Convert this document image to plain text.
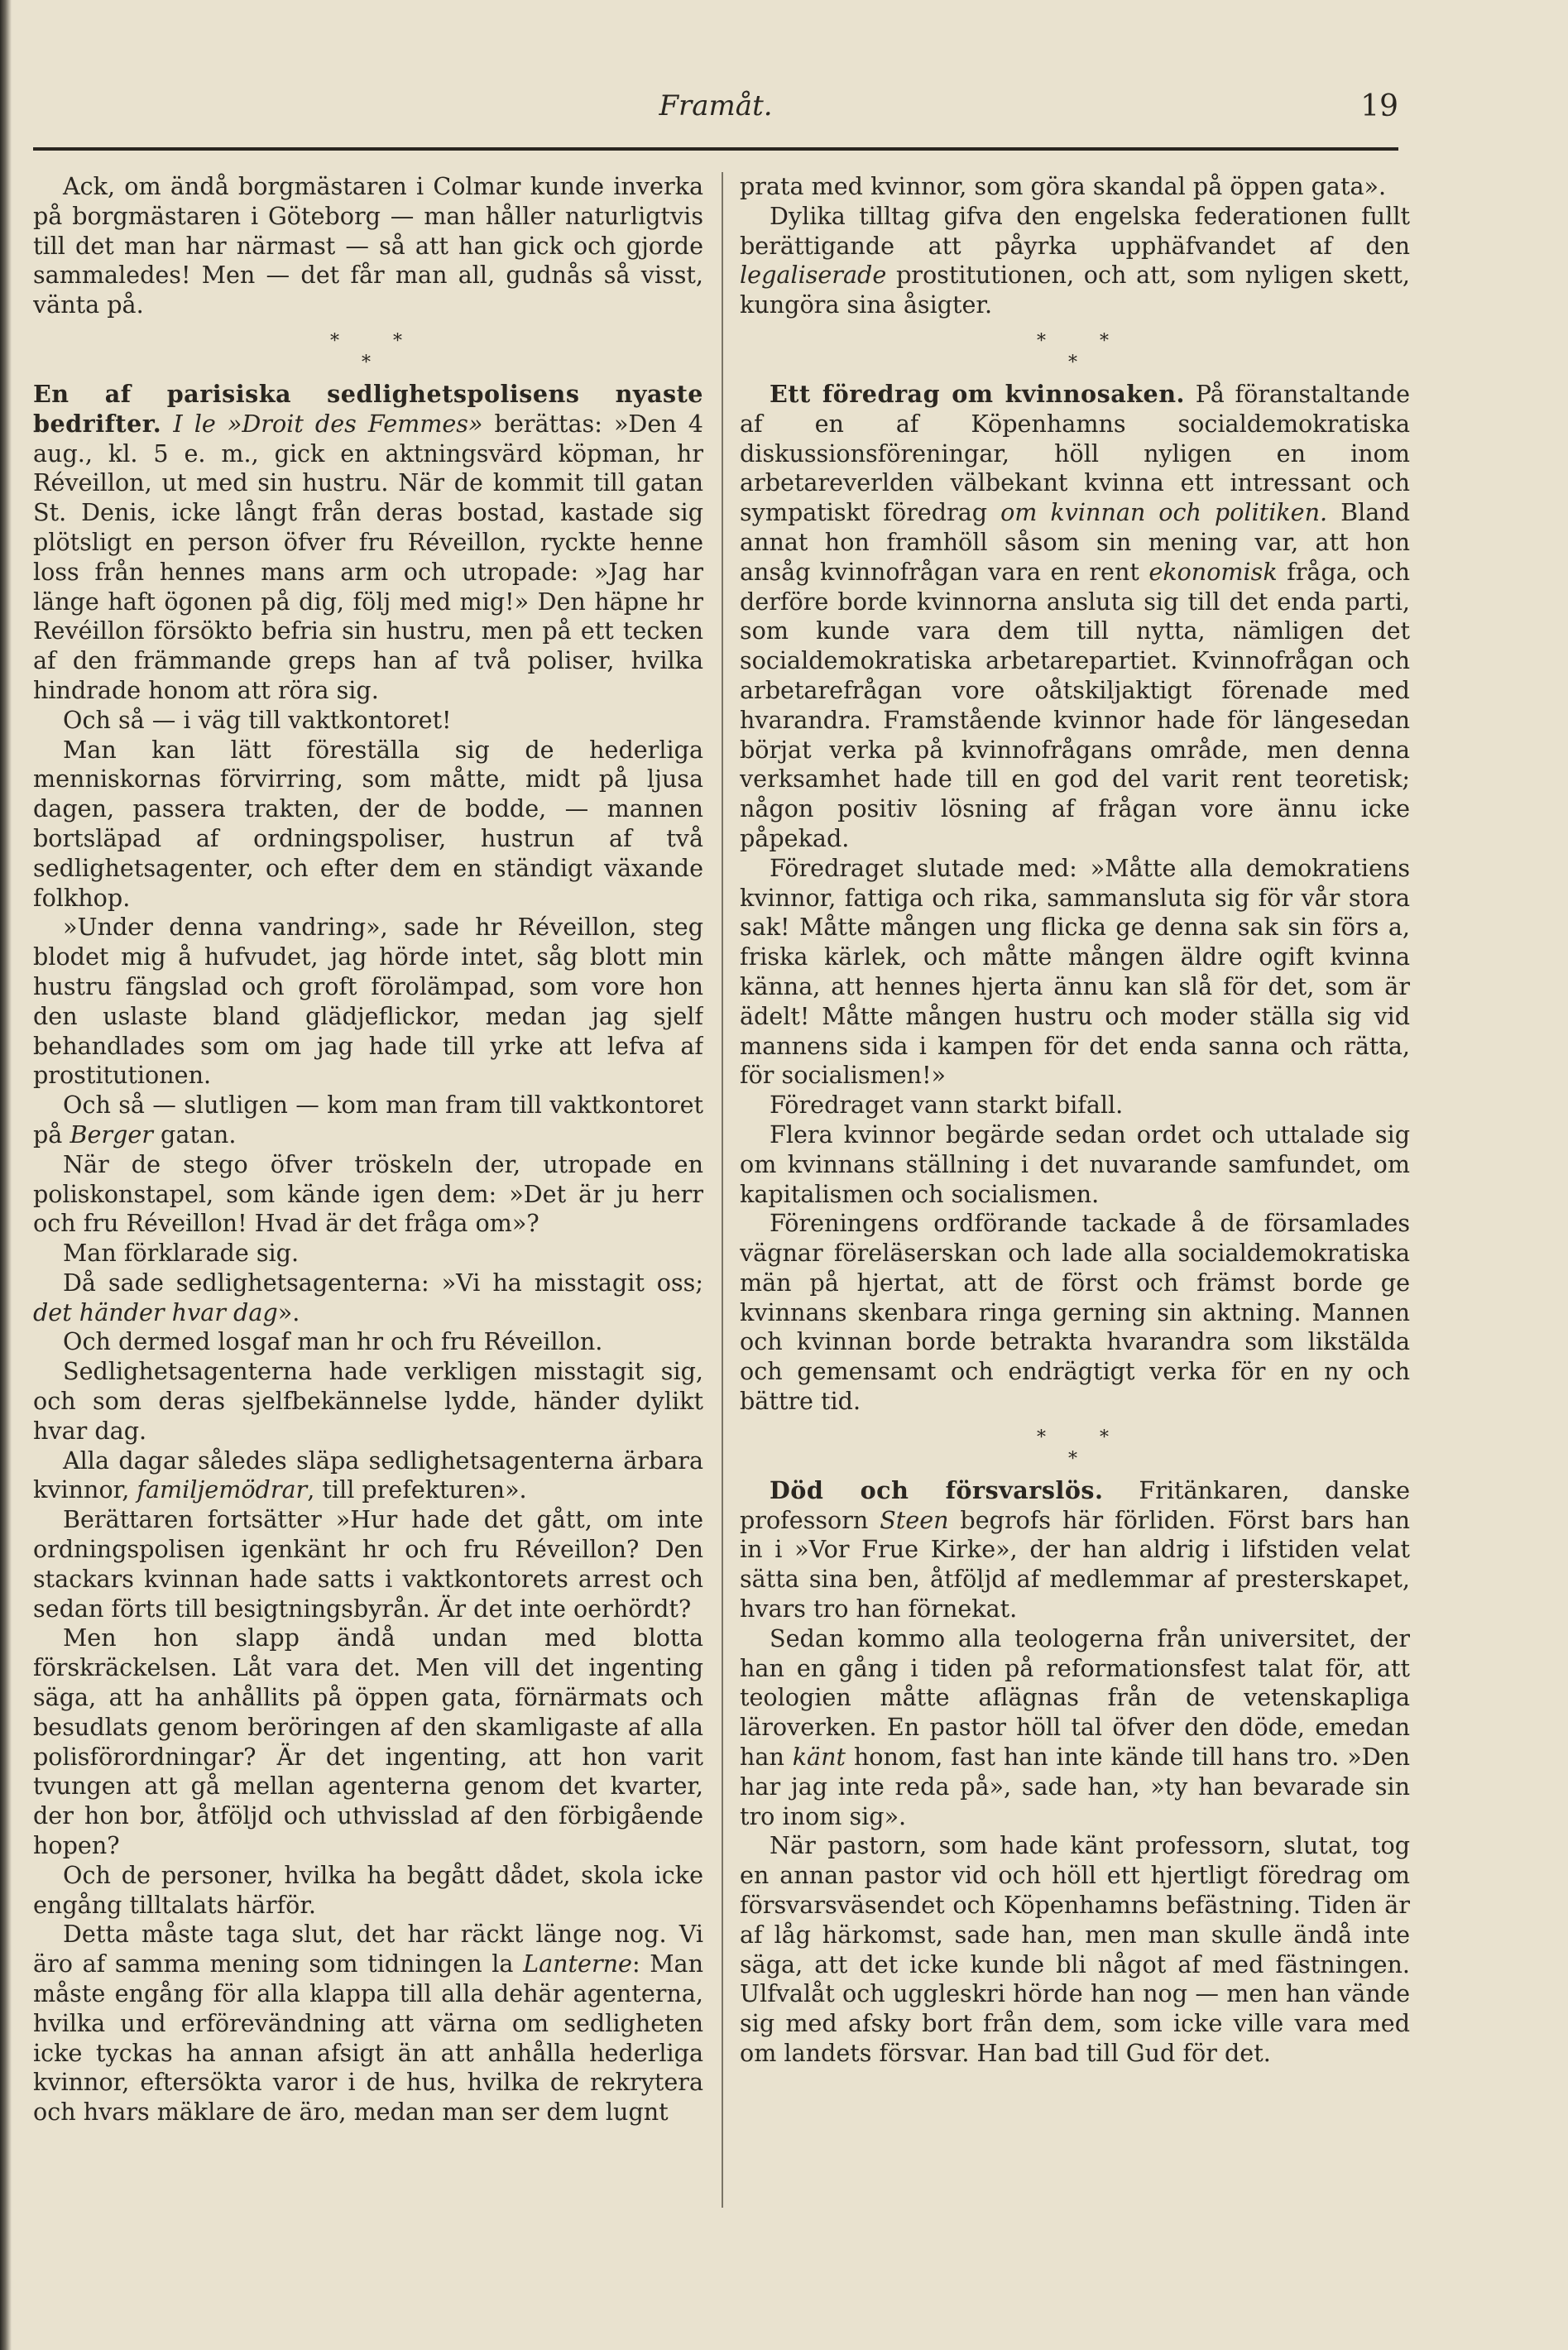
Framåt.	19

Ack, om ändå borgmästaren i Colmar kunde inverka på borgmästaren i Göteborg — man håller naturligtvis till det man har närmast — så att han gick och gjorde sammaledes! Men — det får man all, gudnås så visst, vänta på.

*	*
*

En af parisiska sedlighetspolisens nyaste bedrifter. I le »Droit des Femmes» berättas: »Den 4 aug., kl. 5 e. m., gick en aktningsvärd köpman, hr Réveillon, ut med sin hustru. När de kommit till gatan St. Denis, icke långt från deras bostad, kastade sig plötsligt en person öfver fru Réveillon, ryckte henne loss från hennes mans arm och utropade: »Jag har länge haft ögonen på dig, följ med mig!» Den häpne hr Revéillon försökto befria sin hustru, men på ett tecken af den främmande greps han af två poliser, hvilka hindrade honom att röra sig.

Och så — i väg till vaktkontoret!

Man kan lätt föreställa sig de hederliga menniskornas förvirring, som måtte, midt på ljusa dagen, passera trakten, der de bodde, — mannen bortsläpad af ordningspoliser, hustrun af två sedlighetsagenter, och efter dem en ständigt växande folkhop.

»Under denna vandring», sade hr Réveillon, steg blodet mig å hufvudet, jag hörde intet, såg blott min hustru fängslad och groft förolämpad, som vore hon den uslaste bland glädjeflickor, medan jag sjelf behandlades som om jag hade till yrke att lefva af prostitutionen.

Och så — slutligen — kom man fram till vaktkontoret på Berger gatan.

När de stego öfver tröskeln der, utropade en poliskonstapel, som kände igen dem: »Det är ju herr och fru Réveillon! Hvad är det fråga om»?

Man förklarade sig.

Då sade sedlighetsagenterna: »Vi ha misstagit oss; det händer hvar dag».

Och dermed losgaf man hr och fru Réveillon.

Sedlighetsagenterna hade verkligen misstagit sig, och som deras sjelfbekännelse lydde, händer dylikt hvar dag.

Alla dagar således släpa sedlighetsagenterna ärbara kvinnor, familjemödrar, till prefekturen».

Berättaren fortsätter »Hur hade det gått, om inte ordningspolisen igenkänt hr och fru Réveillon? Den stackars kvinnan hade satts i vaktkontorets arrest och sedan förts till besigtningsbyrån. Är det inte oerhördt?

Men hon slapp ändå undan med blotta förskräckelsen. Låt vara det. Men vill det ingenting säga, att ha anhållits på öppen gata, förnärmats och besudlats genom beröringen af den skamligaste af alla polisförordningar? Är det ingenting, att hon varit tvungen att gå mellan agenterna genom det kvarter, der hon bor, åtföljd och uthvisslad af den förbigående hopen?

Och de personer, hvilka ha begått dådet, skola icke engång tilltalats härför.

Detta måste taga slut, det har räckt länge nog. Vi äro af samma mening som tidningen la Lanterne: Man måste engång för alla klappa till alla dehär agenterna, hvilka und erförevändning att värna om sedligheten icke tyckas ha annan afsigt än att anhålla hederliga kvinnor, eftersökta varor i de hus, hvilka de rekrytera och hvars mäklare de äro, medan man ser dem lugnt

prata med kvinnor, som göra skandal på öppen gata».

Dylika tilltag gifva den engelska federationen fullt berättigande att påyrka upphäfvandet af den legaliserade prostitutionen, och att, som nyligen skett, kungöra sina åsigter.

*	*
*

Ett föredrag om kvinnosaken. På föranstaltande af en af Köpenhamns socialdemokratiska diskussionsföreningar, höll nyligen en inom arbetareverlden välbekant kvinna ett intressant och sympatiskt föredrag om kvinnan och politiken. Bland annat hon framhöll såsom sin mening var, att hon ansåg kvinnofrågan vara en rent ekonomisk fråga, och derföre borde kvinnorna ansluta sig till det enda parti, som kunde vara dem till nytta, nämligen det socialdemokratiska arbetarepartiet. Kvinnofrågan och arbetarefrågan vore oåtskiljaktigt förenade med hvarandra. Framstående kvinnor hade för längesedan börjat verka på kvinnofrågans område, men denna verksamhet hade till en god del varit rent teoretisk; någon positiv lösning af frågan vore ännu icke påpekad.

Föredraget slutade med: »Måtte alla demokratiens kvinnor, fattiga och rika, sammansluta sig för vår stora sak! Måtte mången ung flicka ge denna sak sin förs a, friska kärlek, och måtte mången äldre ogift kvinna känna, att hennes hjerta ännu kan slå för det, som är ädelt! Måtte mången hustru och moder ställa sig vid mannens sida i kampen för det enda sanna och rätta, för socialismen!»

Föredraget vann starkt bifall.

Flera kvinnor begärde sedan ordet och uttalade sig om kvinnans ställning i det nuvarande samfundet, om kapitalismen och socialismen.

Föreningens ordförande tackade å de församlades vägnar föreläserskan och lade alla socialdemokratiska män på hjertat, att de först och främst borde ge kvinnans skenbara ringa gerning sin aktning. Mannen och kvinnan borde betrakta hvarandra som likstälda och gemensamt och endrägtigt verka för en ny och bättre tid.

*	*
*

Död och försvarslös. Fritänkaren, danske professorn Steen begrofs här förliden. Först bars han in i »Vor Frue Kirke», der han aldrig i lifstiden velat sätta sina ben, åtföljd af medlemmar af presterskapet, hvars tro han förnekat.

Sedan kommo alla teologerna från universitet, der han en gång i tiden på reformationsfest talat för, att teologien måtte aflägnas från de vetenskapliga läroverken. En pastor höll tal öfver den döde, emedan han känt honom, fast han inte kände till hans tro. »Den har jag inte reda på», sade han, »ty han bevarade sin tro inom sig».

När pastorn, som hade känt professorn, slutat, tog en annan pastor vid och höll ett hjertligt föredrag om försvarsväsendet och Köpenhamns befästning. Tiden är af låg härkomst, sade han, men man skulle ändå inte säga, att det icke kunde bli något af med fästningen. Ulfvalåt och uggleskri hörde han nog — men han vände sig med afsky bort från dem, som icke ville vara med om landets försvar. Han bad till Gud för det.
